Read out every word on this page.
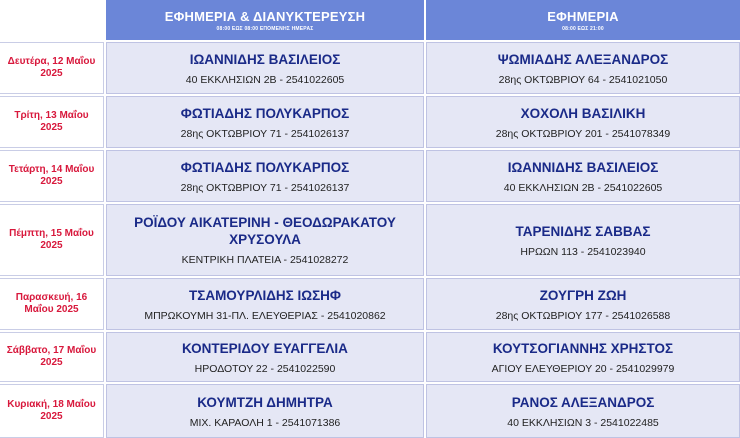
ΕΦΗΜΕΡΙΑ & ΔΙΑΝΥΚΤΕΡΕΥΣΗ
08:00 ΕΩΣ 08:00 ΕΠΟΜΕΝΗΣ ΗΜΕΡΑΣ
ΕΦΗΜΕΡΙΑ
08:00 ΕΩΣ 21:00
Δευτέρα, 12 Μαΐου 2025
ΙΩΑΝΝΙΔΗΣ ΒΑΣΙΛΕΙΟΣ
40 ΕΚΚΛΗΣΙΩΝ 2Β - 2541022605
ΨΩΜΙΑΔΗΣ ΑΛΕΞΑΝΔΡΟΣ
28ης ΟΚΤΩΒΡΙΟΥ 64 - 2541021050
Τρίτη, 13 Μαΐου 2025
ΦΩΤΙΑΔΗΣ ΠΟΛΥΚΑΡΠΟΣ
28ης ΟΚΤΩΒΡΙΟΥ 71 - 2541026137
ΧΟΧΟΛΗ ΒΑΣΙΛΙΚΗ
28ης ΟΚΤΩΒΡΙΟΥ 201 - 2541078349
Τετάρτη, 14 Μαΐου 2025
ΦΩΤΙΑΔΗΣ ΠΟΛΥΚΑΡΠΟΣ
28ης ΟΚΤΩΒΡΙΟΥ 71 - 2541026137
ΙΩΑΝΝΙΔΗΣ ΒΑΣΙΛΕΙΟΣ
40 ΕΚΚΛΗΣΙΩΝ 2Β - 2541022605
Πέμπτη, 15 Μαΐου 2025
ΡΟΪΔΟΥ ΑΙΚΑΤΕΡΙΝΗ - ΘΕΟΔΩΡΑΚΑΤΟΥ ΧΡΥΣΟΥΛΑ
ΚΕΝΤΡΙΚΗ ΠΛΑΤΕΙΑ - 2541028272
ΤΑΡΕΝΙΔΗΣ ΣΑΒΒΑΣ
ΗΡΩΩΝ 113 - 2541023940
Παρασκευή, 16 Μαΐου 2025
ΤΣΑΜΟΥΡΛΙΔΗΣ ΙΩΣΗΦ
ΜΠΡΩΚΟΥΜΗ 31-ΠΛ. ΕΛΕΥΘΕΡΙΑΣ - 2541020862
ΖΟΥΓΡΗ ΖΩΗ
28ης ΟΚΤΩΒΡΙΟΥ 177 - 2541026588
Σάββατο, 17 Μαΐου 2025
ΚΟΝΤΕΡΙΔΟΥ ΕΥΑΓΓΕΛΙΑ
ΗΡΟΔΟΤΟΥ 22 - 2541022590
ΚΟΥΤΣΟΓΙΑΝΝΗΣ ΧΡΗΣΤΟΣ
ΑΓΙΟΥ ΕΛΕΥΘΕΡΙΟΥ 20 - 2541029979
Κυριακή, 18 Μαΐου 2025
ΚΟΥΜΤΖΗ ΔΗΜΗΤΡΑ
ΜΙΧ. ΚΑΡΑΟΛΗ 1 - 2541071386
ΡΑΝΟΣ ΑΛΕΞΑΝΔΡΟΣ
40 ΕΚΚΛΗΣΙΩΝ 3 - 2541022485
